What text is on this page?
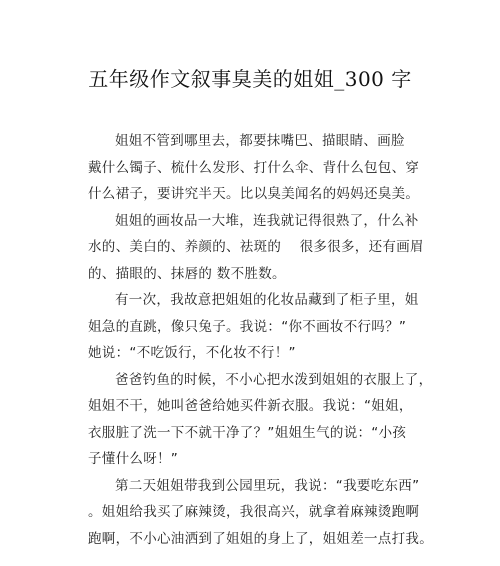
五年级作文叙事臭美的姐姐_300 字
姐姐不管到哪里去，都要抹嘴巴、描眼睛、画脸
戴什么镯子、梳什么发形、打什么伞、背什么包包、穿
什么裙子，要讲究半天。比以臭美闻名的妈妈还臭美。
姐姐的画妆品一大堆，连我就记得很熟了，什么补
水的、美白的、养颜的、祛斑的　 很多很多，还有画眉
的、描眼的、抹唇的 数不胜数。
有一次，我故意把姐姐的化妆品藏到了柜子里，姐
姐急的直跳，像只兔子。我说：“你不画妆不行吗？”
她说：“不吃饭行，不化妆不行！”
爸爸钓鱼的时候，不小心把水泼到姐姐的衣服上了，
姐姐不干，她叫爸爸给她买件新衣服。我说：“姐姐，
衣服脏了洗一下不就干净了？”姐姐生气的说：“小孩
子懂什么呀！”
第二天姐姐带我到公园里玩，我说：“我要吃东西”
。姐姐给我买了麻辣烫，我很高兴，就拿着麻辣烫跑啊
跑啊，不小心油洒到了姐姐的身上了，姐姐差一点打我。
